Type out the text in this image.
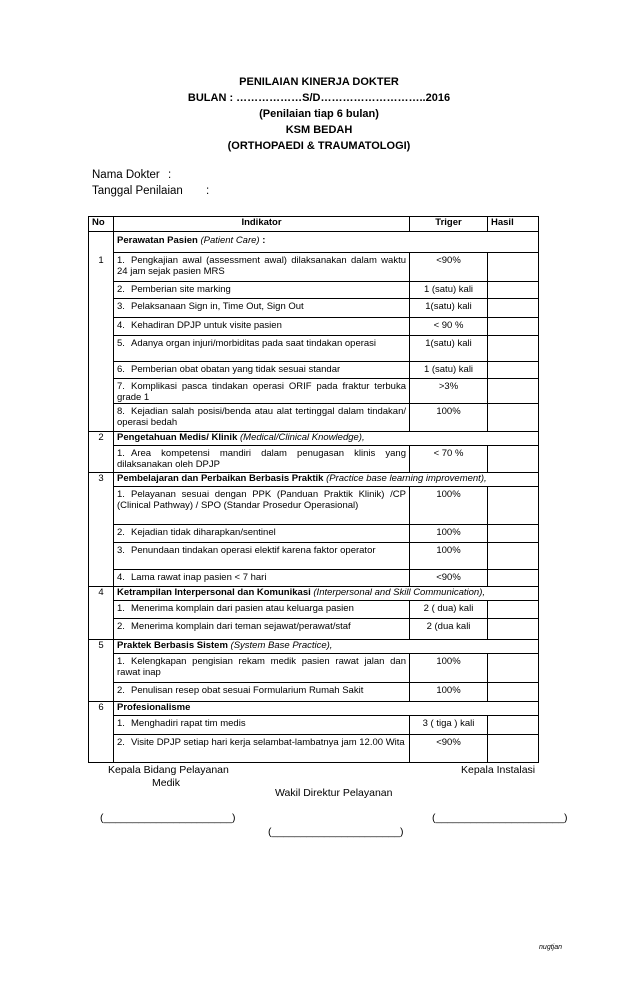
PENILAIAN KINERJA DOKTER
BULAN : ………………S/D………………………..2016
(Penilaian tiap 6 bulan)
KSM BEDAH
(ORTHOPAEDI & TRAUMATOLOGI)
Nama Dokter :
Tanggal Penilaian :
No	Indikator	Triger	Hasil
	Perawatan Pasien (Patient Care) :		
1	1. Pengkajian awal (assessment awal) dilaksanakan dalam waktu 24 jam sejak pasien MRS	<90%	
	2. Pemberian site marking	1 (satu) kali	
	3. Pelaksanaan Sign in, Time Out, Sign Out	1(satu) kali	
	4. Kehadiran DPJP untuk visite pasien	< 90 %	
	5. Adanya organ injuri/morbiditas pada saat tindakan operasi	1(satu) kali	
	6. Pemberian obat obatan yang tidak sesuai standar	1 (satu) kali	
	7. Komplikasi pasca tindakan operasi ORIF pada fraktur terbuka grade 1	>3%	
	8. Kejadian salah posisi/benda atau alat tertinggal dalam tindakan/ operasi bedah	100%	
2	Pengetahuan Medis/ Klinik (Medical/Clinical Knowledge),		
	1. Area kompetensi mandiri dalam penugasan klinis yang dilaksanakan oleh DPJP	< 70 %	
3	Pembelajaran dan Perbaikan Berbasis Praktik (Practice base learning improvement),		
	1. Pelayanan sesuai dengan PPK (Panduan Praktik Klinik) /CP (Clinical Pathway) / SPO (Standar Prosedur Operasional)	100%	
	2. Kejadian tidak diharapkan/sentinel	100%	
	3. Penundaan tindakan operasi elektif karena faktor operator	100%	
	4. Lama rawat inap pasien < 7 hari	<90%	
4	Ketrampilan Interpersonal dan Komunikasi (Interpersonal and Skill Communication),		
	1. Menerima komplain dari pasien atau keluarga pasien	2 ( dua) kali	
	2. Menerima komplain dari teman sejawat/perawat/staf	2 (dua kali	
5	Praktek Berbasis Sistem (System Base Practice),		
	1. Kelengkapan pengisian rekam medik pasien rawat jalan dan rawat inap	100%	
	2. Penulisan resep obat sesuai Formularium Rumah Sakit	100%	
6	Profesionalisme		
	1. Menghadiri rapat tim medis	3 ( tiga ) kali	
	2. Visite DPJP setiap hari kerja selambat-lambatnya jam 12.00 Wita	<90%	
Kepala Bidang Pelayanan
Medik
Kepala Instalasi
Wakil Direktur Pelayanan
(______________________)	(______________________)
(______________________)
nugtjan
